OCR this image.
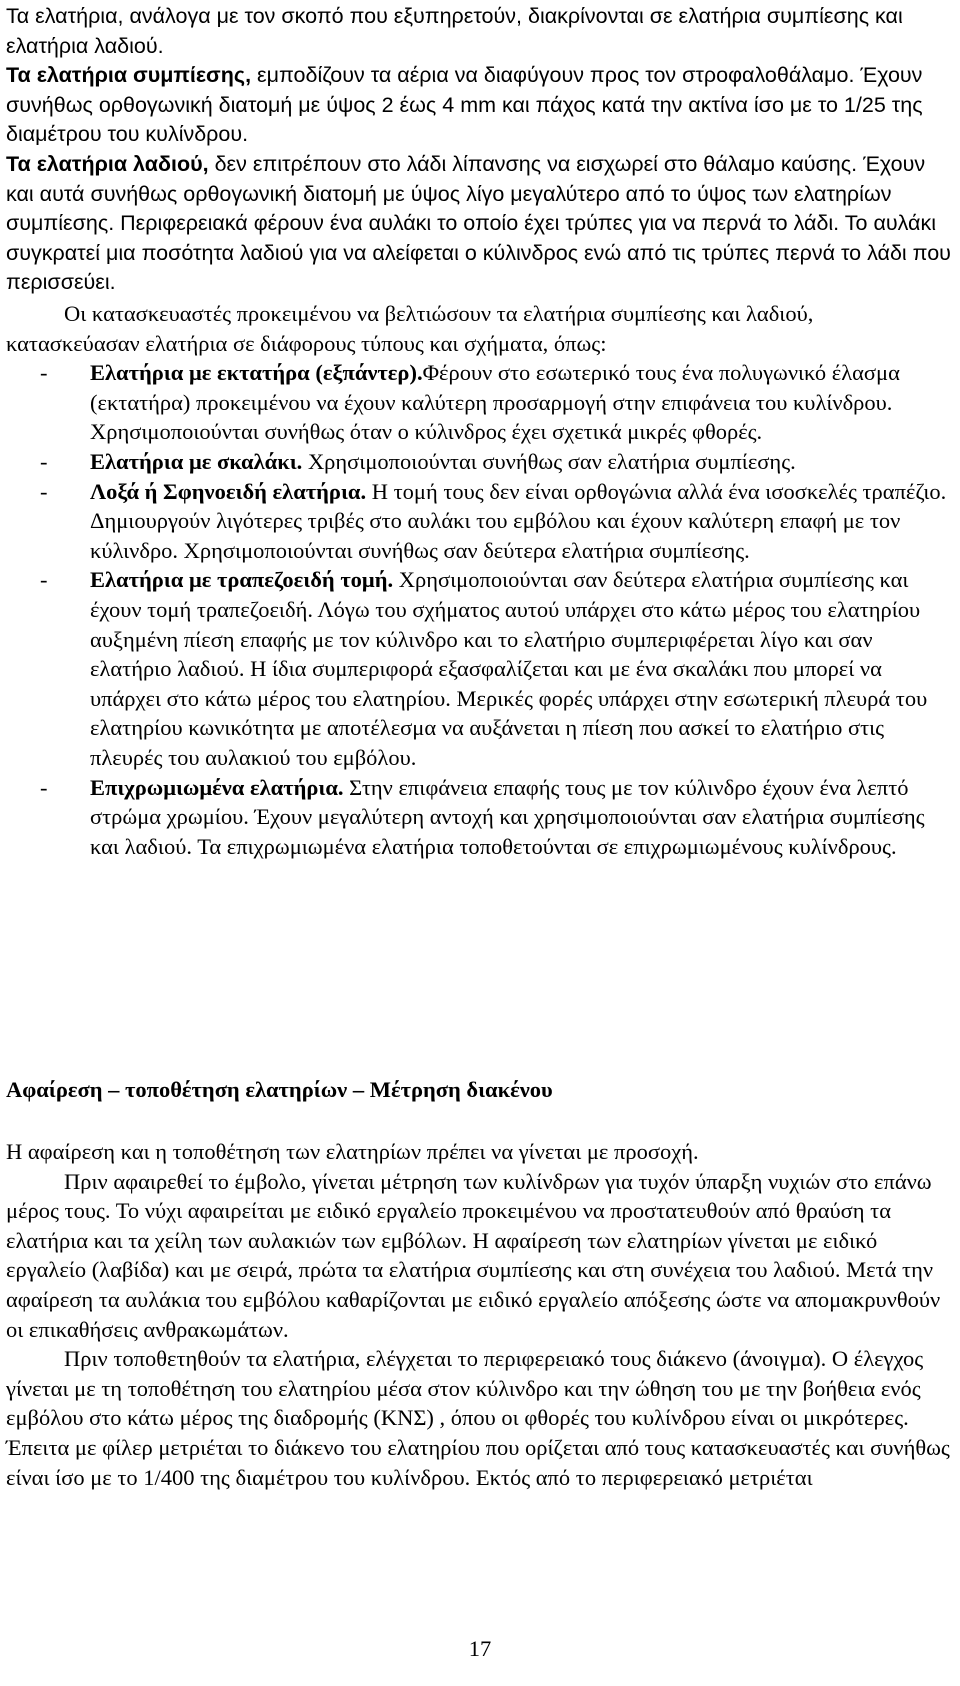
Τα ελατήρια, ανάλογα με τον σκοπό που εξυπηρετούν, διακρίνονται σε ελατήρια συμπίεσης και ελατήρια λαδιού.

Τα ελατήρια συμπίεσης, εμποδίζουν τα αέρια να διαφύγουν προς τον στροφαλοθάλαμο. Έχουν συνήθως ορθογωνική διατομή με ύψος 2 έως 4 mm και πάχος κατά την ακτίνα ίσο με το 1/25 της διαμέτρου του κυλίνδρου.

Τα ελατήρια λαδιού, δεν επιτρέπουν στο λάδι λίπανσης να εισχωρεί στο θάλαμο καύσης. Έχουν και αυτά συνήθως ορθογωνική διατομή με ύψος λίγο μεγαλύτερο από το ύψος των ελατηρίων συμπίεσης. Περιφερειακά φέρουν ένα αυλάκι το οποίο έχει τρύπες για να περνά το λάδι. Το αυλάκι συγκρατεί μια ποσότητα λαδιού για να αλείφεται ο κύλινδρος ενώ από τις τρύπες περνά το λάδι που περισσεύει.

Οι κατασκευαστές προκειμένου να βελτιώσουν τα ελατήρια συμπίεσης και λαδιού, κατασκεύασαν ελατήρια σε διάφορους τύπους και σχήματα, όπως:

- Ελατήρια με εκτατήρα (εξπάντερ).Φέρουν στο εσωτερικό τους ένα πολυγωνικό έλασμα (εκτατήρα) προκειμένου να έχουν καλύτερη προσαρμογή στην επιφάνεια του κυλίνδρου. Χρησιμοποιούνται συνήθως όταν ο κύλινδρος έχει σχετικά μικρές φθορές.
- Ελατήρια με σκαλάκι. Χρησιμοποιούνται συνήθως σαν ελατήρια συμπίεσης.
- Λοξά ή Σφηνοειδή ελατήρια. Η τομή τους δεν είναι ορθογώνια αλλά ένα ισοσκελές τραπέζιο. Δημιουργούν λιγότερες τριβές στο αυλάκι του εμβόλου και έχουν καλύτερη επαφή με τον κύλινδρο. Χρησιμοποιούνται συνήθως σαν δεύτερα ελατήρια συμπίεσης.
- Ελατήρια με τραπεζοειδή τομή. Χρησιμοποιούνται σαν δεύτερα ελατήρια συμπίεσης και έχουν τομή τραπεζοειδή. Λόγω του σχήματος αυτού υπάρχει στο κάτω μέρος του ελατηρίου αυξημένη πίεση επαφής με τον κύλινδρο και το ελατήριο συμπεριφέρεται λίγο και σαν ελατήριο λαδιού. Η ίδια συμπεριφορά εξασφαλίζεται και με ένα σκαλάκι που μπορεί να υπάρχει στο κάτω μέρος του ελατηρίου. Μερικές φορές υπάρχει στην εσωτερική πλευρά του ελατηρίου κωνικότητα με αποτέλεσμα να αυξάνεται η πίεση που ασκεί το ελατήριο στις πλευρές του αυλακιού του εμβόλου.
- Επιχρωμιωμένα ελατήρια. Στην επιφάνεια επαφής τους με τον κύλινδρο έχουν ένα λεπτό στρώμα χρωμίου. Έχουν μεγαλύτερη αντοχή και χρησιμοποιούνται σαν ελατήρια συμπίεσης και λαδιού. Τα επιχρωμιωμένα ελατήρια τοποθετούνται σε επιχρωμιωμένους κυλίνδρους.
Αφαίρεση – τοποθέτηση ελατηρίων – Μέτρηση διακένου

Η αφαίρεση και η τοποθέτηση των ελατηρίων πρέπει να γίνεται με προσοχή.

Πριν αφαιρεθεί το έμβολο, γίνεται μέτρηση των κυλίνδρων για τυχόν ύπαρξη νυχιών στο επάνω μέρος τους. Το νύχι αφαιρείται με ειδικό εργαλείο προκειμένου να προστατευθούν από θραύση τα ελατήρια και τα χείλη των αυλακιών των εμβόλων. Η αφαίρεση των ελατηρίων γίνεται με ειδικό εργαλείο (λαβίδα) και με σειρά, πρώτα τα ελατήρια συμπίεσης και στη συνέχεια του λαδιού. Μετά την αφαίρεση τα αυλάκια του εμβόλου καθαρίζονται με ειδικό εργαλείο απόξεσης ώστε να απομακρυνθούν οι επικαθήσεις ανθρακωμάτων.

Πριν τοποθετηθούν τα ελατήρια, ελέγχεται το περιφερειακό τους διάκενο (άνοιγμα). Ο έλεγχος γίνεται με τη τοποθέτηση του ελατηρίου μέσα στον κύλινδρο και την ώθηση του με την βοήθεια ενός εμβόλου στο κάτω μέρος της διαδρομής (ΚΝΣ) , όπου οι φθορές του κυλίνδρου είναι οι μικρότερες. Έπειτα με φίλερ μετριέται το διάκενο του ελατηρίου που ορίζεται από τους κατασκευαστές και συνήθως είναι ίσο με το 1/400 της διαμέτρου του κυλίνδρου. Εκτός από το περιφερειακό μετριέται

17
